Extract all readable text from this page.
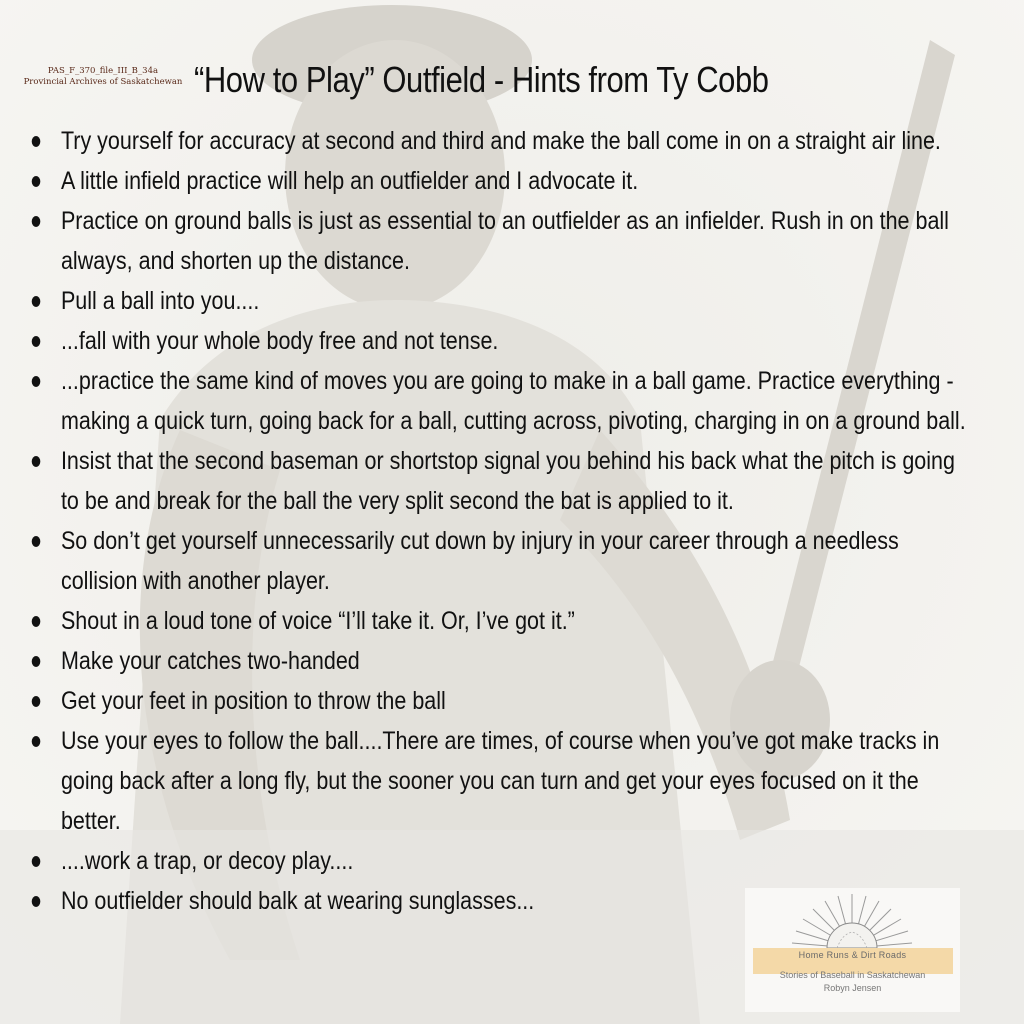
PAS_F_370_file_III_B_34a
Provincial Archives of Saskatchewan “How to Play” Outfield - Hints from Ty Cobb
Try yourself for accuracy at second and third and make the ball come in on a straight air line.
A little infield practice will help an outfielder and I advocate it.
Practice on ground balls is just as essential to an outfielder as an infielder. Rush in on the ball always, and shorten up the distance.
Pull a ball into you....
...fall with your whole body free and not tense.
...practice the same kind of moves you are going to make in a ball game. Practice everything - making a quick turn, going back for a ball, cutting across, pivoting, charging in on a ground ball.
Insist that the second baseman or shortstop signal you behind his back what the pitch is going to be and break for the ball the very split second the bat is applied to it.
So don’t get yourself unnecessarily cut down by injury in your career through a needless collision with another player.
Shout in a loud tone of voice “I’ll take it. Or, I’ve got it.”
Make your catches two-handed
Get your feet in position to throw the ball
Use your eyes to follow the ball....There are times, of course when you’ve got make tracks in going back after a long fly, but the sooner you can turn and get your eyes focused on it the better.
....work a trap, or decoy play....
No outfielder should balk at wearing sunglasses...
Home Runs & Dirt Roads
Stories of Baseball in Saskatchewan
Robyn Jensen
